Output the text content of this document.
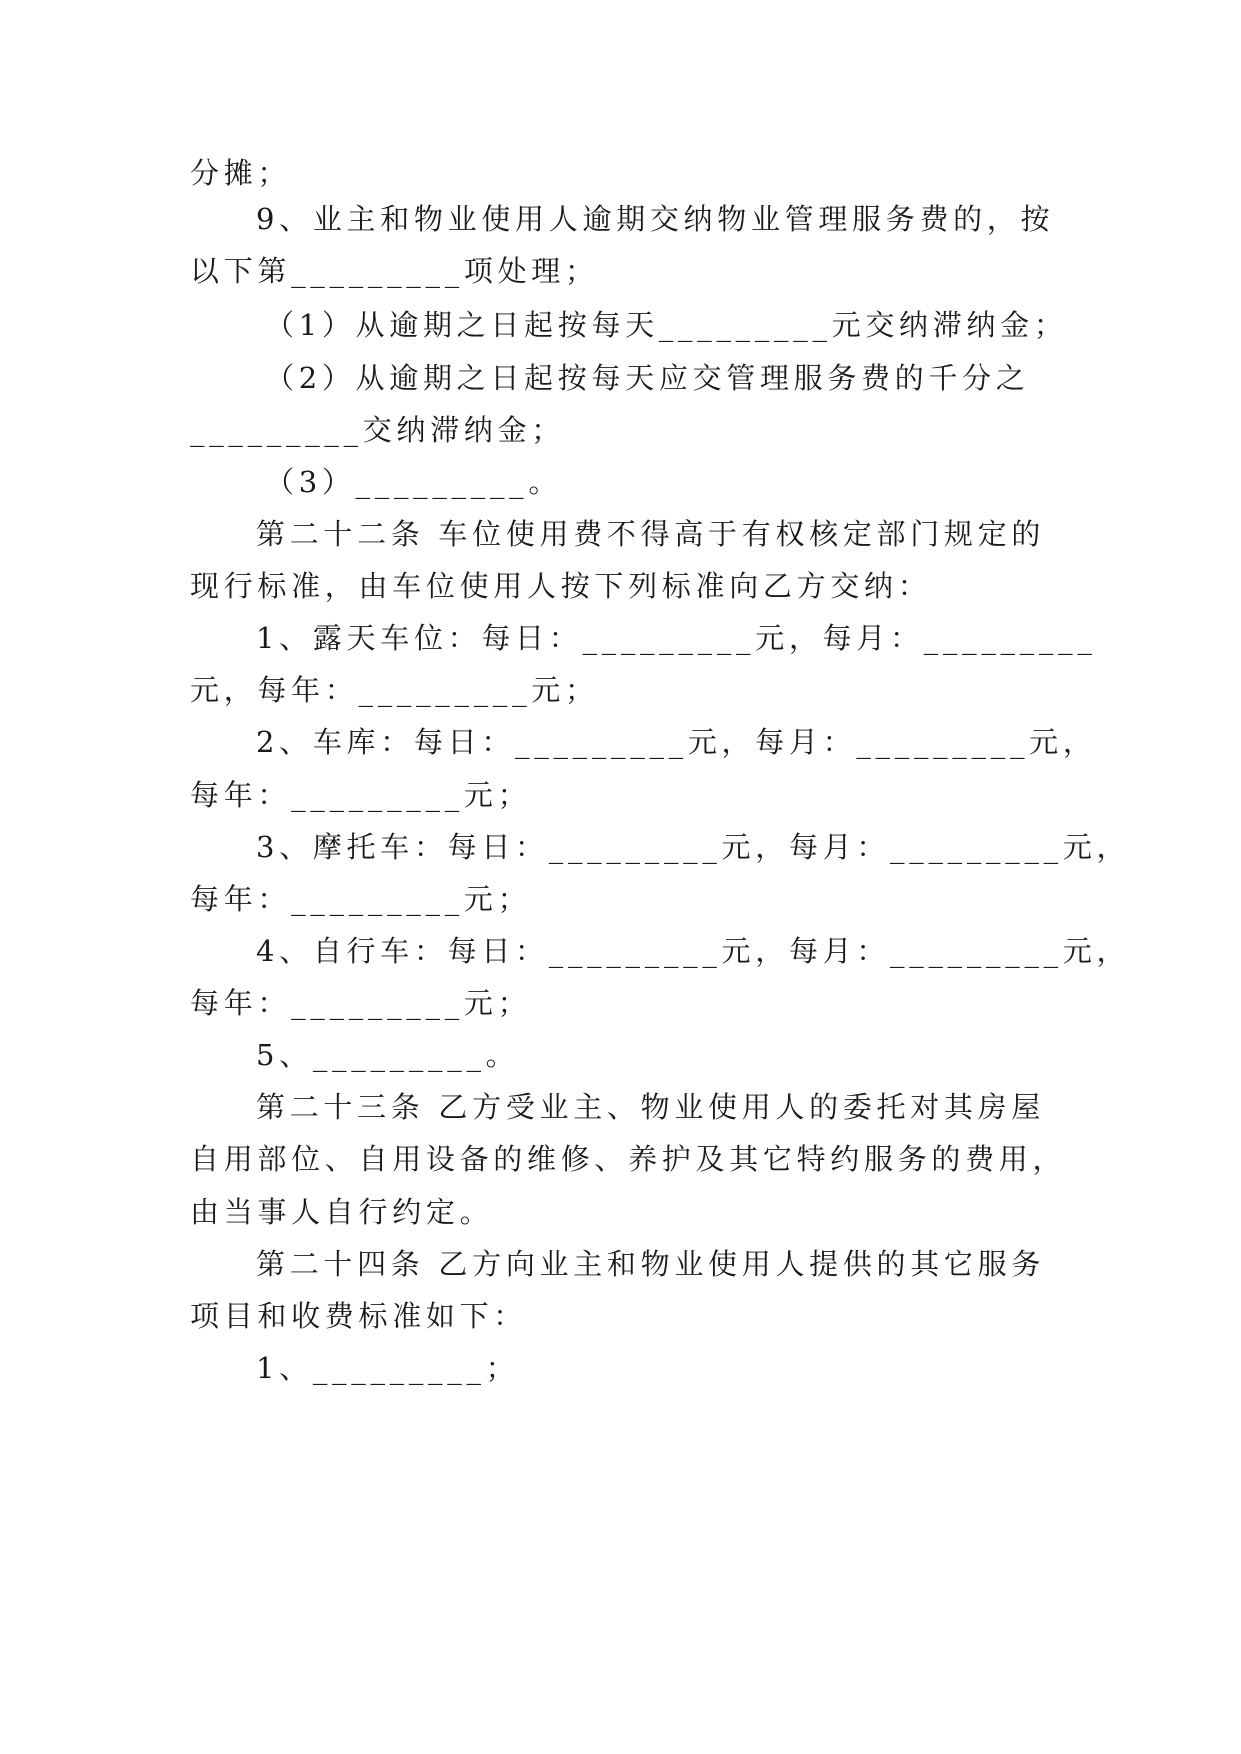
分摊；
9、业主和物业使用人逾期交纳物业管理服务费的，按
以下第_________项处理；
（1）从逾期之日起按每天_________元交纳滞纳金；
（2）从逾期之日起按每天应交管理服务费的千分之
_________交纳滞纳金；
（3）_________。
第二十二条 车位使用费不得高于有权核定部门规定的
现行标准，由车位使用人按下列标准向乙方交纳：
1、露天车位：每日：_________元，每月：_________
元，每年：_________元；
2、车库：每日：_________元，每月：_________元，
每年：_________元；
3、摩托车：每日：_________元，每月：_________元，
每年：_________元；
4、自行车：每日：_________元，每月：_________元，
每年：_________元；
5、_________。
第二十三条 乙方受业主、物业使用人的委托对其房屋
自用部位、自用设备的维修、养护及其它特约服务的费用，
由当事人自行约定。
第二十四条 乙方向业主和物业使用人提供的其它服务
项目和收费标准如下：
1、_________；
